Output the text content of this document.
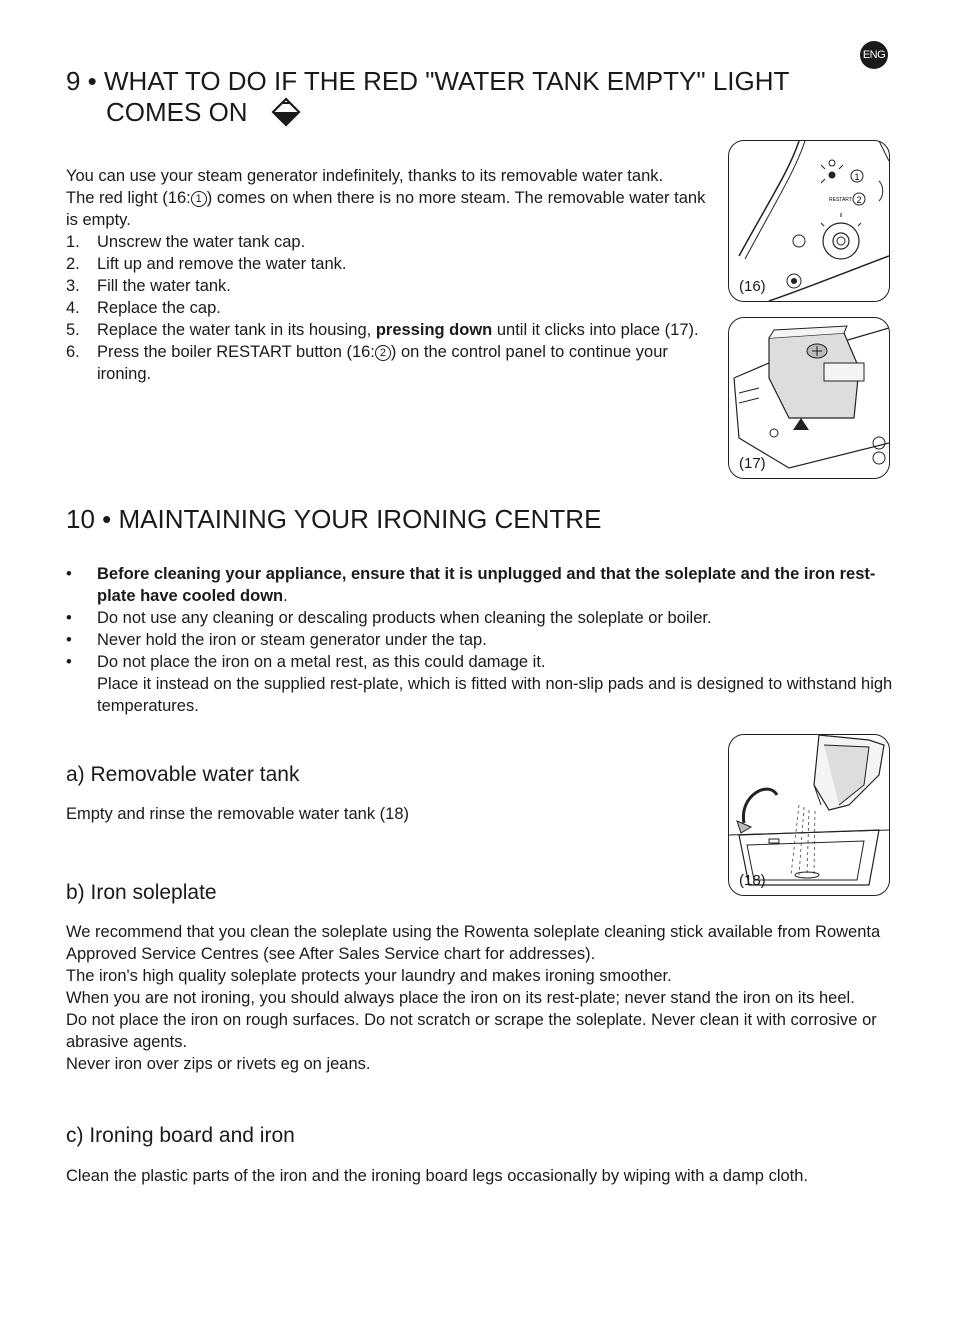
ENG
9 • WHAT TO DO IF THE RED "WATER TANK EMPTY" LIGHT
COMES ON

You can use your steam generator indefinitely, thanks to its removable water tank.

The red light (16: 1 ) comes on when there is no more steam. The removable water tank is empty.

1. Unscrew the water tank cap.
2. Lift up and remove the water tank.
3. Fill the water tank.
4. Replace the cap.
5. Replace the water tank in its housing, pressing down until it clicks into place (17).
6. Press the boiler RESTART button (16: 2 ) on the control panel to continue your ironing.
RESTART
1
2
(16)
(17)
10 • MAINTAINING YOUR IRONING CENTRE
• Before cleaning your appliance, ensure that it is unplugged and that the soleplate and the iron rest-plate have cooled down.
• Do not use any cleaning or descaling products when cleaning the soleplate or boiler.
• Never hold the iron or steam generator under the tap.
• Do not place the iron on a metal rest, as this could damage it.
Place it instead on the supplied rest-plate, which is fitted with non-slip pads and is designed to withstand high temperatures.
a) Removable water tank
Empty and rinse the removable water tank (18)
(18)
b) Iron soleplate

We recommend that you clean the soleplate using the Rowenta soleplate cleaning stick available from Rowenta Approved Service Centres (see After Sales Service chart for addresses).

The iron's high quality soleplate protects your laundry and makes ironing smoother.

When you are not ironing, you should always place the iron on its rest-plate; never stand the iron on its heel.

Do not place the iron on rough surfaces. Do not scratch or scrape the soleplate. Never clean it with corrosive or abrasive agents.

Never iron over zips or rivets eg on jeans.

c) Ironing board and iron
Clean the plastic parts of the iron and the ironing board legs occasionally by wiping with a damp cloth.
